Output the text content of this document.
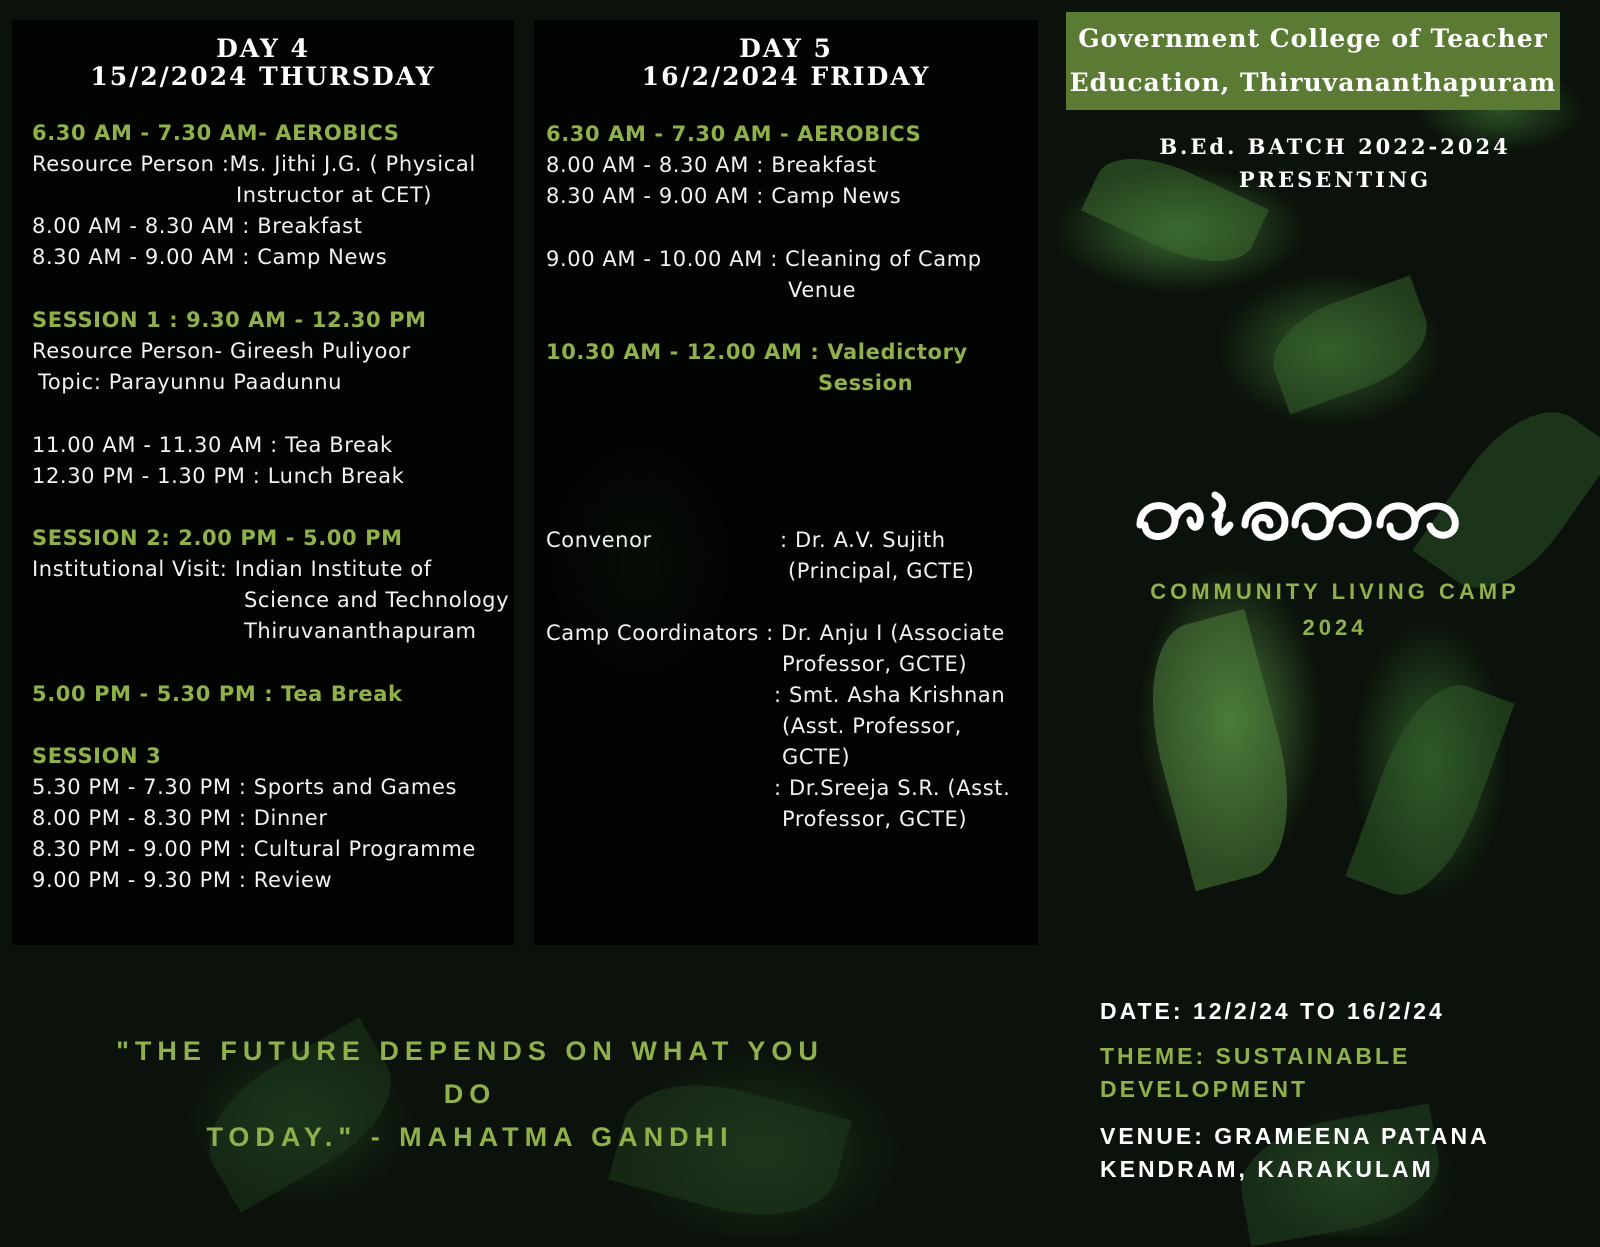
DAY 4
15/2/2024 THURSDAY
6.30 AM - 7.30 AM- AEROBICS
Resource Person :Ms. Jithi J.G. ( Physical
Instructor at CET)
8.00 AM - 8.30 AM : Breakfast
8.30 AM - 9.00 AM : Camp News
SESSION 1 : 9.30 AM - 12.30 PM
Resource Person- Gireesh Puliyoor
Topic: Parayunnu Paadunnu
11.00 AM - 11.30 AM : Tea Break
12.30 PM - 1.30 PM : Lunch Break
SESSION 2: 2.00 PM - 5.00 PM
Institutional Visit: Indian Institute of
Science and Technology
Thiruvananthapuram
5.00 PM - 5.30 PM : Tea Break
SESSION 3
5.30 PM - 7.30 PM : Sports and Games
8.00 PM - 8.30 PM : Dinner
8.30 PM - 9.00 PM : Cultural Programme
9.00 PM - 9.30 PM : Review
DAY 5
16/2/2024 FRIDAY
6.30 AM - 7.30 AM - AEROBICS
8.00 AM - 8.30 AM : Breakfast
8.30 AM - 9.00 AM : Camp News
9.00 AM - 10.00 AM : Cleaning of Camp
Venue
10.30 AM - 12.00 AM : Valedictory
Session
Convenor	: Dr. A.V. Sujith
(Principal, GCTE)
Camp Coordinators : Dr. Anju I (Associate
Professor, GCTE)
: Smt. Asha Krishnan
(Asst. Professor,
GCTE)
: Dr.Sreeja S.R. (Asst.
Professor, GCTE)
Government College of Teacher
Education, Thiruvananthapuram
B.Ed. BATCH 2022-2024
PRESENTING
COMMUNITY LIVING CAMP
2024
DATE: 12/2/24 TO 16/2/24
THEME: SUSTAINABLE
DEVELOPMENT
VENUE: GRAMEENA PATANA
KENDRAM, KARAKULAM
"THE FUTURE DEPENDS ON WHAT YOU DO
TODAY." - MAHATMA GANDHI
